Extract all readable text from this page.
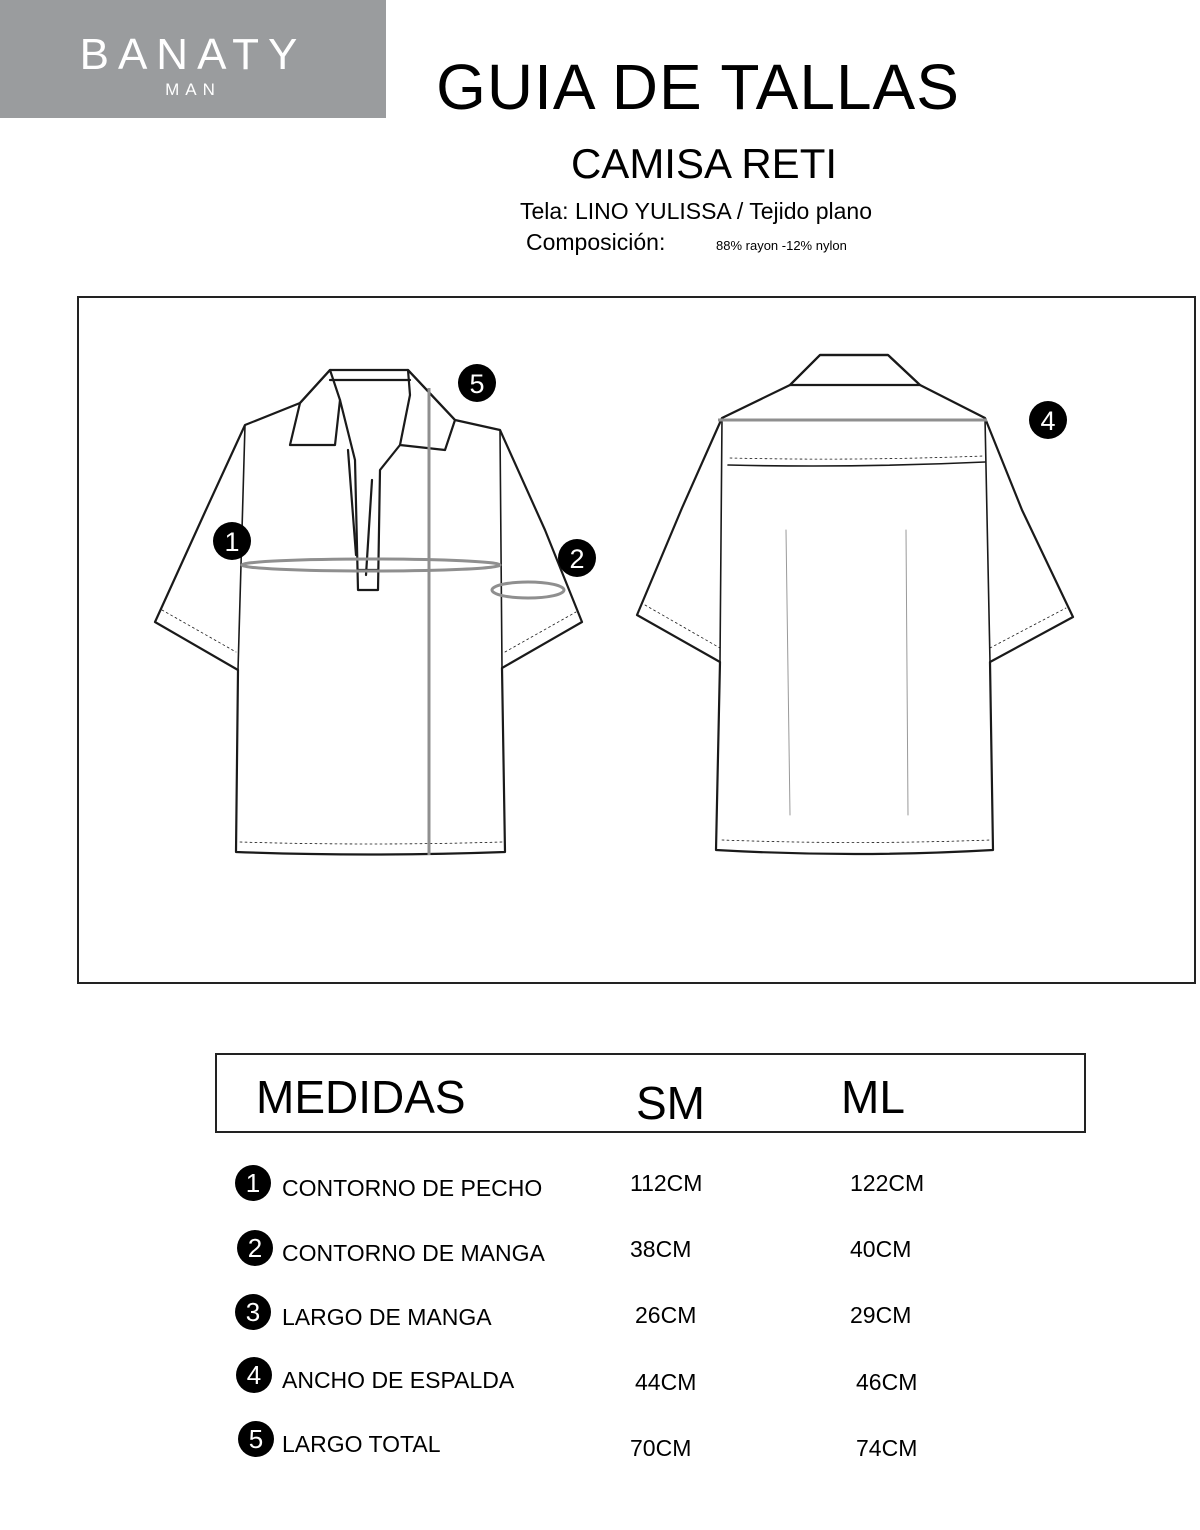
BANATY
MAN	GUIA DE TALLAS
CAMISA RETI
Tela: LINO YULISSA / Tejido plano
Composición:	88% rayon -12% nylon
1
2
4
5
MEDIDAS	SM	ML
1 CONTORNO DE PECHO	112CM	122CM
2 CONTORNO DE MANGA	38CM	40CM
3 LARGO DE MANGA	26CM	29CM
4 ANCHO DE ESPALDA	44CM	46CM
5 LARGO TOTAL	70CM	74CM
